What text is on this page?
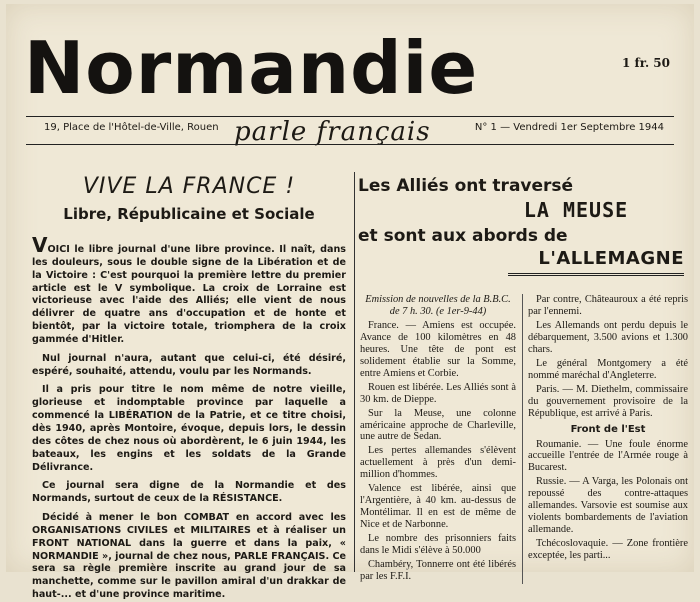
Normandie	1 fr. 50
19, Place de l'Hôtel-de-Ville, Rouen parle français	N° 1 — Vendredi 1er Septembre 1944
VIVE LA FRANCE !
Libre, Républicaine et Sociale
VOICI le libre journal d'une libre province. Il naît, dans les douleurs, sous le double signe de la Libération et de la Victoire : C'est pourquoi la première lettre du premier article est le V symbolique. La croix de Lorraine est victorieuse avec l'aide des Alliés; elle vient de nous délivrer de quatre ans d'occupation et de honte et bientôt, par la victoire totale, triomphera de la croix gammée d'Hitler.
Nul journal n'aura, autant que celui-ci, été désiré, espéré, souhaité, attendu, voulu par les Normands.
Il a pris pour titre le nom même de notre vieille, glorieuse et indomptable province par laquelle a commencé la LIBÉRATION de la Patrie, et ce titre choisi, dès 1940, après Montoire, évoque, depuis lors, le dessin des côtes de chez nous où abordèrent, le 6 juin 1944, les bateaux, les engins et les soldats de la Grande Délivrance.
Ce journal sera digne de la Normandie et des Normands, surtout de ceux de la RÉSISTANCE.
Décidé à mener le bon COMBAT en accord avec les ORGANISATIONS CIVILES et MILITAIRES et à réaliser un FRONT NATIONAL dans la guerre et dans la paix, « NORMANDIE », journal de chez nous, PARLE FRANÇAIS. Ce sera sa règle première inscrite au grand jour de sa manchette, comme sur le pavillon amiral d'un drakkar de haut-... et d'une province maritime.
Les Alliés ont traversé
LA MEUSE
et sont aux abords de
L'ALLEMAGNE

Emission de nouvelles de la B.B.C. de 7 h. 30. (e 1er-9-44)

France. — Amiens est occupée. Avance de 100 kilomètres en 48 heures. Une tête de pont est solidement établie sur la Somme, entre Amiens et Corbie.

Rouen est libérée. Les Alliés sont à 30 km. de Dieppe.

Sur la Meuse, une colonne américaine approche de Charleville, une autre de Sedan.

Les pertes allemandes s'élèvent actuellement à près d'un demi-million d'hommes.

Valence est libérée, ainsi que l'Argentière, à 40 km. au-dessus de Montélimar. Il en est de même de Nice et de Narbonne.

Le nombre des prisonniers faits dans le Midi s'élève à 50.000

Chambéry, Tonnerre ont été libérés par les F.F.I.

Par contre, Châteauroux a été repris par l'ennemi.

Les Allemands ont perdu depuis le débarquement, 3.500 avions et 1.300 chars.

Le général Montgomery a été nommé maréchal d'Angleterre.

Paris. — M. Diethelm, commissaire du gouvernement provisoire de la République, est arrivé à Paris.

Front de l'Est

Roumanie. — Une foule énorme accueille l'entrée de l'Armée rouge à Bucarest.

Russie. — A Varga, les Polonais ont repoussé des contre-attaques allemandes. Varsovie est soumise aux violents bombardements de l'aviation allemande.

Tchécoslovaquie. — Zone frontière exceptée, les parti...
